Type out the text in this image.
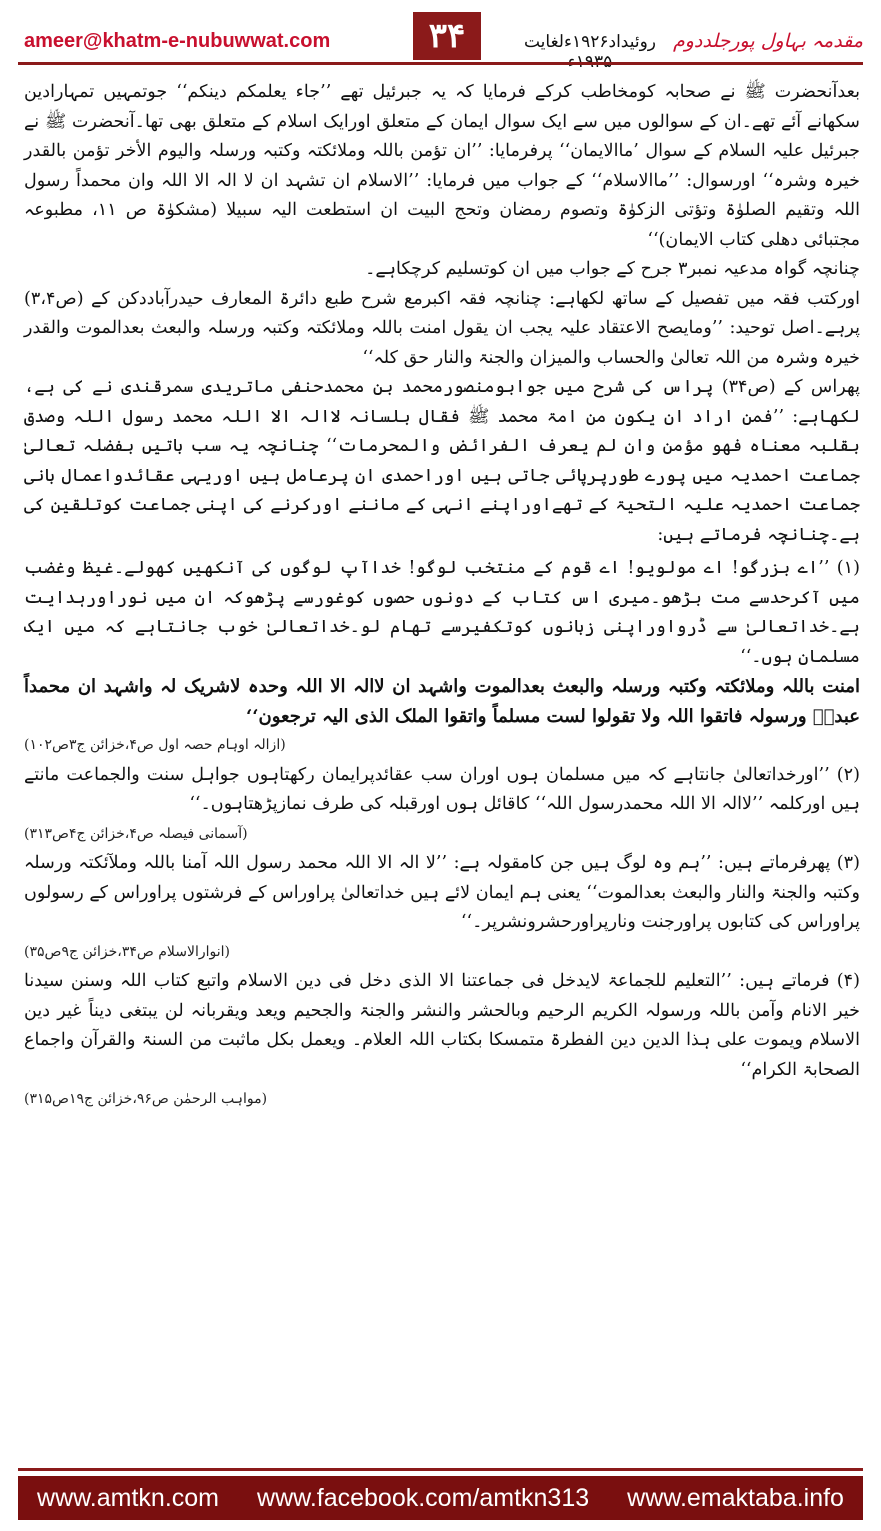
ameer@khatm-e-nubuwwat.com	۳۴	روئیداد۱۹۲۶ءلغایت مقدمہ بہاول پورجلددوم

بعدآنحضرت ﷺ نے صحابہ کومخاطب کرکے فرمایا کہ یہ جبرئیل تھے ’’جاء یعلمکم دینکم‘‘ جوتمہیں تمہارادین سکھانے آئے تھے۔ان کے سوالوں میں سے ایک سوال ایمان کے متعلق اورایک اسلام کے متعلق بھی تھا۔آنحضرت ﷺ نے جبرئیل علیہ السلام کے سوال ’ماالایمان‘‘ پرفرمایا: ’’ان تؤمن باللہ وملائکتہ وکتبہ ورسلہ والیوم الأخر تؤمن بالقدر خیرہ وشرہ‘‘ اورسوال: ’’ماالاسلام‘‘ کے جواب میں فرمایا: ’’الاسلام ان تشہد ان لا الہ الا اللہ وان محمداً رسول اللہ وتقیم الصلوٰۃ وتؤتی الزکوٰۃ وتصوم رمضان وتحج البیت ان استطعت الیہ سبیلا (مشکوٰۃ ص ۱۱، مطبوعہ مجتبائی دھلی کتاب الایمان)‘‘

چنانچہ گواہ مدعیہ نمبر۳ جرح کے جواب میں ان کوتسلیم کرچکاہے۔

اورکتب فقہ میں تفصیل کے ساتھ لکھاہے: چنانچہ فقہ اکبرمع شرح طبع دائرۃ المعارف حیدرآباددکن کے (ص۳،۴) پرہے۔اصل توحید: ’’ومایصح الاعتقاد علیہ یجب ان یقول امنت باللہ وملائکتہ وکتبہ ورسلہ والبعث بعدالموت والقدر خیرہ وشرہ من اللہ تعالیٰ والحساب والمیزان والجنۃ والنار حق کلہ‘‘

پھراس کے (ص۳۴) پراس کی شرح میں جوابومنصورمحمد بن محمدحنفی ماتریدی سمرقندی نے کی ہے، لکھاہے: ’’فمن اراد ان یکون من امۃ محمد ﷺ فقال بلسانہ لاالہ الا اللہ محمد رسول اللہ وصدق بقلبہ معناہ فھو مؤمن وان لم یعرف الفرائض والمحرمات‘‘ چنانچہ یہ سب باتیں بفضلہ تعالیٰ جماعت احمدیہ میں پورے طورپرپائی جاتی ہیں اوراحمدی ان پرعامل ہیں اوریہی عقائدواعمال بانی جماعت احمدیہ علیہ التحیۃ کے تھےاوراپنے انہی کے ماننے اورکرنے کی اپنی جماعت کوتلقین کی ہے۔چنانچہ فرماتے ہیں:

(۱) ’’اے بزرگو! اے مولویو! اے قوم کے منتخب لوگو! خداآپ لوگوں کی آنکھیں کھولے۔غیظ وغضب میں آکرحدسے مت بڑھو۔میری اس کتاب کے دونوں حصوں کوغورسے پڑھوکہ ان میں نوراورہدایت ہے۔خداتعالیٰ سے ڈرواوراپنی زبانوں کوتکفیرسے تھام لو۔خداتعالیٰ خوب جانتاہے کہ میں ایک مسلمان ہوں۔‘‘

امنت باللہ وملائکتہ وکتبہ ورسلہ والبعث بعدالموت واشہد ان لاالہ الا اللہ وحدہ لاشریک لہ واشہد ان محمداً عبدہٗ ورسولہ فاتقوا اللہ ولا تقولوا لست مسلماً واتقوا الملک الذی الیہ ترجعون‘‘

(ازالہ اوہام حصہ اول ص۴،خزائن ج۳ص۱۰۲)

(۲) ’’اورخداتعالیٰ جانتاہے کہ میں مسلمان ہوں اوران سب عقائدپرایمان رکھتاہوں جواہل سنت والجماعت مانتے ہیں اورکلمہ ’’لاالہ الا اللہ محمدرسول اللہ‘‘ کاقائل ہوں اورقبلہ کی طرف نمازپڑھتاہوں۔‘‘

(آسمانی فیصلہ ص۴،خزائن ج۴ص۳۱۳)

(۳) پھرفرماتے ہیں: ’’ہم وہ لوگ ہیں جن کامقولہ ہے: ’’لا الہ الا اللہ محمد رسول اللہ آمنا باللہ وملآئکتہ ورسلہ وکتبہ والجنۃ والنار والبعث بعدالموت‘‘ یعنی ہم ایمان لائے ہیں خداتعالیٰ پراوراس کے فرشتوں پراوراس کے رسولوں پراوراس کی کتابوں پراورجنت ونارپراورحشرونشرپر۔‘‘

(انوارالاسلام ص۳۴،خزائن ج۹ص۳۵)

(۴) فرماتے ہیں: ’’التعلیم للجماعۃ لایدخل فی جماعتنا الا الذی دخل فی دین الاسلام واتبع کتاب اللہ وسنن سیدنا خیر الانام وآمن باللہ ورسولہ الکریم الرحیم وبالحشر والنشر والجنۃ والجحیم ویعد ویقربانہ لن یبتغی دیناً غیر دین الاسلام ویموت علی ہذا الدین دین الفطرۃ متمسکا بکتاب اللہ العلام۔ ویعمل بکل ماثبت من السنۃ والقرآن واجماع الصحابۃ الکرام‘‘

(مواہب الرحمٰن ص۹۶،خزائن ج۱۹ص۳۱۵)

www.amtkn.com www.facebook.com/amtkn313 www.emaktaba.info
